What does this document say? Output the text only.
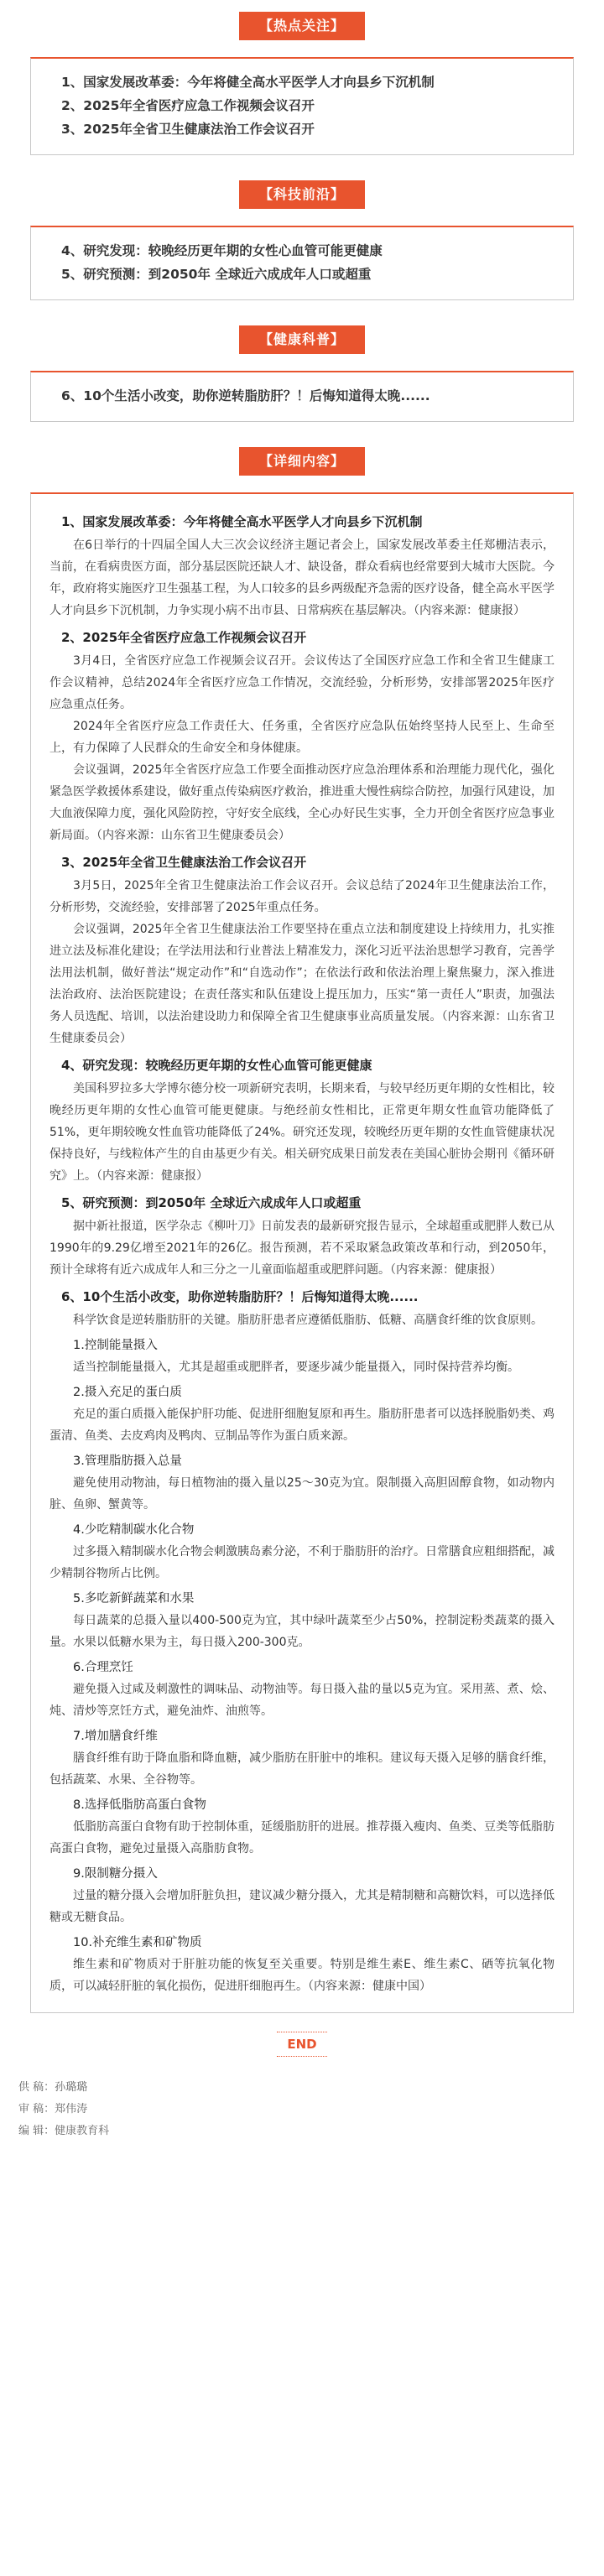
【热点关注】
1、国家发展改革委：今年将健全高水平医学人才向县乡下沉机制
2、2025年全省医疗应急工作视频会议召开
3、2025年全省卫生健康法治工作会议召开
【科技前沿】
4、研究发现：较晚经历更年期的女性心血管可能更健康
5、研究预测：到2050年 全球近六成成年人口或超重
【健康科普】
6、10个生活小改变，助你逆转脂肪肝？！后悔知道得太晚......
【详细内容】
1、国家发展改革委：今年将健全高水平医学人才向县乡下沉机制

在6日举行的十四届全国人大三次会议经济主题记者会上，国家发展改革委主任郑栅洁表示，当前，在看病贵医方面，部分基层医院还缺人才、缺设备，群众看病也经常要到大城市大医院。今年，政府将实施医疗卫生强基工程，为人口较多的县乡两级配齐急需的医疗设备，健全高水平医学人才向县乡下沉机制，力争实现小病不出市县、日常病疾在基层解决。（内容来源：健康报）

2、2025年全省医疗应急工作视频会议召开

3月4日，全省医疗应急工作视频会议召开。会议传达了全国医疗应急工作和全省卫生健康工作会议精神，总结2024年全省医疗应急工作情况，交流经验，分析形势，安排部署2025年医疗应急重点任务。

2024年全省医疗应急工作责任大、任务重，全省医疗应急队伍始终坚持人民至上、生命至上，有力保障了人民群众的生命安全和身体健康。

会议强调，2025年全省医疗应急工作要全面推动医疗应急治理体系和治理能力现代化，强化紧急医学救援体系建设，做好重点传染病医疗救治，推进重大慢性病综合防控，加强行风建设，加大血液保障力度，强化风险防控，守好安全底线，全心办好民生实事，全力开创全省医疗应急事业新局面。（内容来源：山东省卫生健康委员会）

3、2025年全省卫生健康法治工作会议召开

3月5日，2025年全省卫生健康法治工作会议召开。会议总结了2024年卫生健康法治工作，分析形势，交流经验，安排部署了2025年重点任务。

会议强调，2025年全省卫生健康法治工作要坚持在重点立法和制度建设上持续用力，扎实推进立法及标准化建设；在学法用法和行业普法上精准发力，深化习近平法治思想学习教育，完善学法用法机制，做好普法“规定动作”和“自选动作”；在依法行政和依法治理上聚焦聚力，深入推进法治政府、法治医院建设；在责任落实和队伍建设上提压加力，压实“第一责任人”职责，加强法务人员选配、培训，以法治建设助力和保障全省卫生健康事业高质量发展。（内容来源：山东省卫生健康委员会）

4、研究发现：较晚经历更年期的女性心血管可能更健康

美国科罗拉多大学博尔德分校一项新研究表明，长期来看，与较早经历更年期的女性相比，较晚经历更年期的女性心血管可能更健康。与绝经前女性相比，正常更年期女性血管功能降低了51%，更年期较晚女性血管功能降低了24%。研究还发现，较晚经历更年期的女性血管健康状况保持良好，与线粒体产生的自由基更少有关。相关研究成果日前发表在美国心脏协会期刊《循环研究》上。（内容来源：健康报）

5、研究预测：到2050年 全球近六成成年人口或超重

据中新社报道，医学杂志《柳叶刀》日前发表的最新研究报告显示，全球超重或肥胖人数已从1990年的9.29亿增至2021年的26亿。报告预测，若不采取紧急政策改革和行动，到2050年，预计全球将有近六成成年人和三分之一儿童面临超重或肥胖问题。（内容来源：健康报）

6、10个生活小改变，助你逆转脂肪肝？！后悔知道得太晚......

科学饮食是逆转脂肪肝的关键。脂肪肝患者应遵循低脂肪、低糖、高膳食纤维的饮食原则。

1.控制能量摄入

适当控制能量摄入，尤其是超重或肥胖者，要逐步减少能量摄入，同时保持营养均衡。

2.摄入充足的蛋白质

充足的蛋白质摄入能保护肝功能、促进肝细胞复原和再生。脂肪肝患者可以选择脱脂奶类、鸡蛋清、鱼类、去皮鸡肉及鸭肉、豆制品等作为蛋白质来源。

3.管理脂肪摄入总量

避免使用动物油，每日植物油的摄入量以25～30克为宜。限制摄入高胆固醇食物，如动物内脏、鱼卵、蟹黄等。

4.少吃精制碳水化合物

过多摄入精制碳水化合物会刺激胰岛素分泌，不利于脂肪肝的治疗。日常膳食应粗细搭配，减少精制谷物所占比例。

5.多吃新鲜蔬菜和水果

每日蔬菜的总摄入量以400-500克为宜，其中绿叶蔬菜至少占50%，控制淀粉类蔬菜的摄入量。水果以低糖水果为主，每日摄入200-300克。

6.合理烹饪

避免摄入过咸及刺激性的调味品、动物油等。每日摄入盐的量以5克为宜。采用蒸、煮、烩、炖、清炒等烹饪方式，避免油炸、油煎等。

7.增加膳食纤维

膳食纤维有助于降血脂和降血糖，减少脂肪在肝脏中的堆积。建议每天摄入足够的膳食纤维，包括蔬菜、水果、全谷物等。

8.选择低脂肪高蛋白食物

低脂肪高蛋白食物有助于控制体重，延缓脂肪肝的进展。推荐摄入瘦肉、鱼类、豆类等低脂肪高蛋白食物，避免过量摄入高脂肪食物。

9.限制糖分摄入

过量的糖分摄入会增加肝脏负担，建议减少糖分摄入，尤其是精制糖和高糖饮料，可以选择低糖或无糖食品。

10.补充维生素和矿物质

维生素和矿物质对于肝脏功能的恢复至关重要。特别是维生素E、维生素C、硒等抗氧化物质，可以减轻肝脏的氧化损伤，促进肝细胞再生。（内容来源：健康中国）

END
供 稿：孙璐璐
审 稿：郑伟涛
编 辑：健康教育科
